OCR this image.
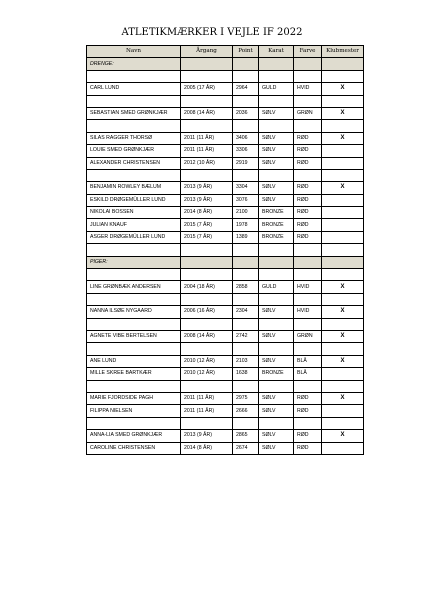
ATLETIKMÆRKER I VEJLE IF 2022
Navn	Årgang	Point	Karat	Farve	Klubmester
DRENGE:					

CARL LUND	2005 (17 ÅR)	2964	GULD	HVID	X

SEBASTIAN SMED GRØNKJÆR	2008 (14 ÅR)	2036	SØLV	GRØN	X

SILAS RAGGER THORSØ	2011 (11 ÅR)	3406	SØLV	RØD	X
LOUIE SMED GRØNKJÆR	2011 (11 ÅR)	3306	SØLV	RØD	
ALEXANDER CHRISTENSEN	2012 (10 ÅR)	2919	SØLV	RØD	

BENJAMIN ROWLEY BÆLUM	2013 (9 ÅR)	3304	SØLV	RØD	X
ESKILD DRØGEMÜLLER LUND	2013 (9 ÅR)	3076	SØLV	RØD	
NIKOLAI BOSSEN	2014 (8 ÅR)	2100	BRONZE	RØD	
JULIAN KNAUF	2015 (7 ÅR)	1978	BRONZE	RØD	
ASGER DRØGEMÜLLER LUND	2015 (7 ÅR)	1389	BRONZE	RØD	

PIGER:					

LINE GRØNBÆK ANDERSEN	2004 (18 ÅR)	2858	GULD	HVID	X

NANNA ILSØE NYGAARD	2006 (16 ÅR)	2304	SØLV	HVID	X

AGNETE VIBE BERTELSEN	2008 (14 ÅR)	2742	SØLV	GRØN	X

ANE LUND	2010 (12 ÅR)	2103	SØLV	BLÅ	X
MILLE SKREE BARTKÆR	2010 (12 ÅR)	1638	BRONZE	BLÅ	

MARIE FJORDSIDE PAGH	2011 (11 ÅR)	2975	SØLV	RØD	X
FILIPPA NIELSEN	2011 (11 ÅR)	2666	SØLV	RØD	

ANNA-LIA SMED GRØNKJÆR	2013 (9 ÅR)	2865	SØLV	RØD	X
CAROLINE CHRISTENSEN	2014 (8 ÅR)	2674	SØLV	RØD	
